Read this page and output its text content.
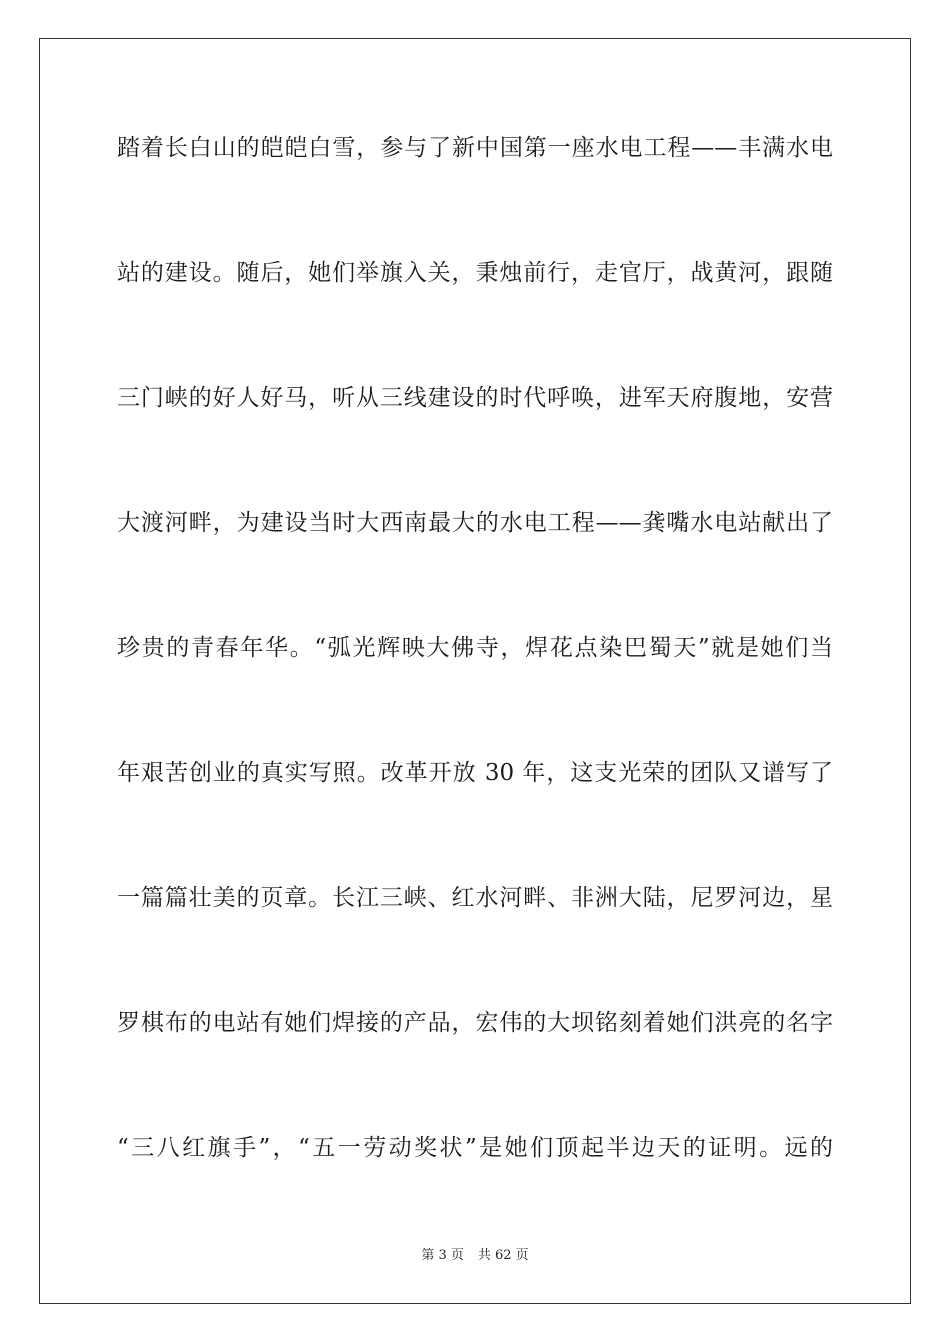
踏着长白山的皑皑白雪，参与了新中国第一座水电工程——丰满水电
站的建设。随后，她们举旗入关，秉烛前行，走官厅，战黄河，跟随
三门峡的好人好马，听从三线建设的时代呼唤，进军天府腹地，安营
大渡河畔，为建设当时大西南最大的水电工程——龚嘴水电站献出了
珍贵的青春年华。“弧光辉映大佛寺，焊花点染巴蜀天”就是她们当
年艰苦创业的真实写照。改革开放 30 年，这支光荣的团队又谱写了
一篇篇壮美的页章。长江三峡、红水河畔、非洲大陆，尼罗河边，星
罗棋布的电站有她们焊接的产品，宏伟的大坝铭刻着她们洪亮的名字
“三八红旗手”，“五一劳动奖状”是她们顶起半边天的证明。远的
第 3 页 共 62 页
